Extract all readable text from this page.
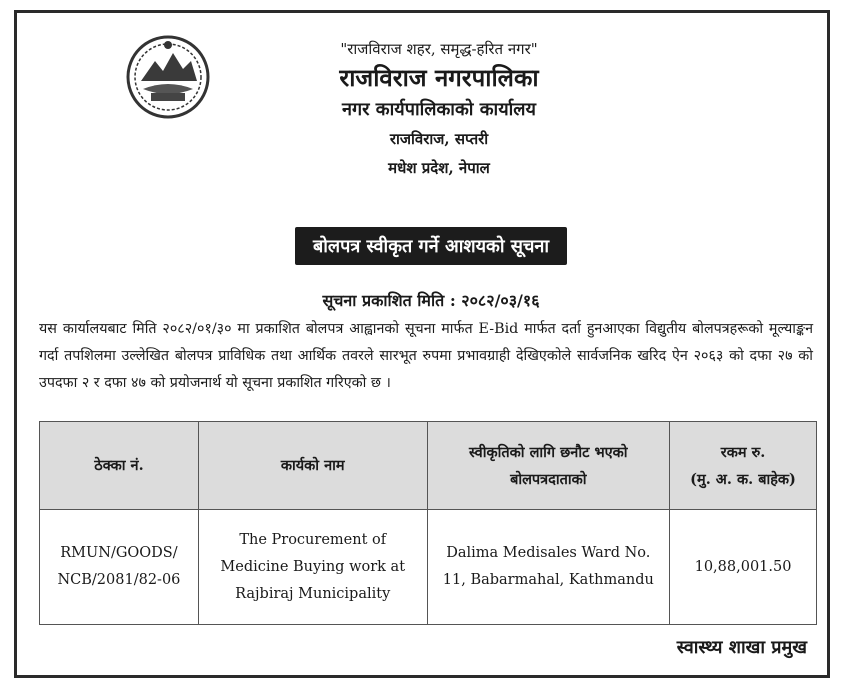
"राजविराज शहर, समृद्ध-हरित नगर"
राजविराज नगरपालिका
नगर कार्यपालिकाको कार्यालय
राजविराज, सप्तरी
मधेश प्रदेश, नेपाल
बोलपत्र स्वीकृत गर्ने आशयको सूचना
सूचना प्रकाशित मिति : २०८२/०३/१६
यस कार्यालयबाट मिति २०८२/०१/३० मा प्रकाशित बोलपत्र आह्वानको सूचना मार्फत E-Bid मार्फत दर्ता हुनआएका विद्युतीय बोलपत्रहरूको मूल्याङ्कन गर्दा तपशिलमा उल्लेखित बोलपत्र प्राविधिक तथा आर्थिक तवरले सारभूत रुपमा प्रभावग्राही देखिएकोले सार्वजनिक खरिद ऐन २०६३ को दफा २७ को उपदफा २ र दफा ४७ को प्रयोजनार्थ यो सूचना प्रकाशित गरिएको छ ।
ठेक्का नं.	कार्यको नाम	स्वीकृतिको लागि छनौट भएको बोलपत्रदाताको	रकम रु.
(मु. अ. क. बाहेक)

RMUN/GOODS/ NCB/2081/82-06	The Procurement of Medicine Buying work at Rajbiraj Municipality	Dalima Medisales Ward No. 11, Babarmahal, Kathmandu	10,88,001.50
स्वास्थ्य शाखा प्रमुख
